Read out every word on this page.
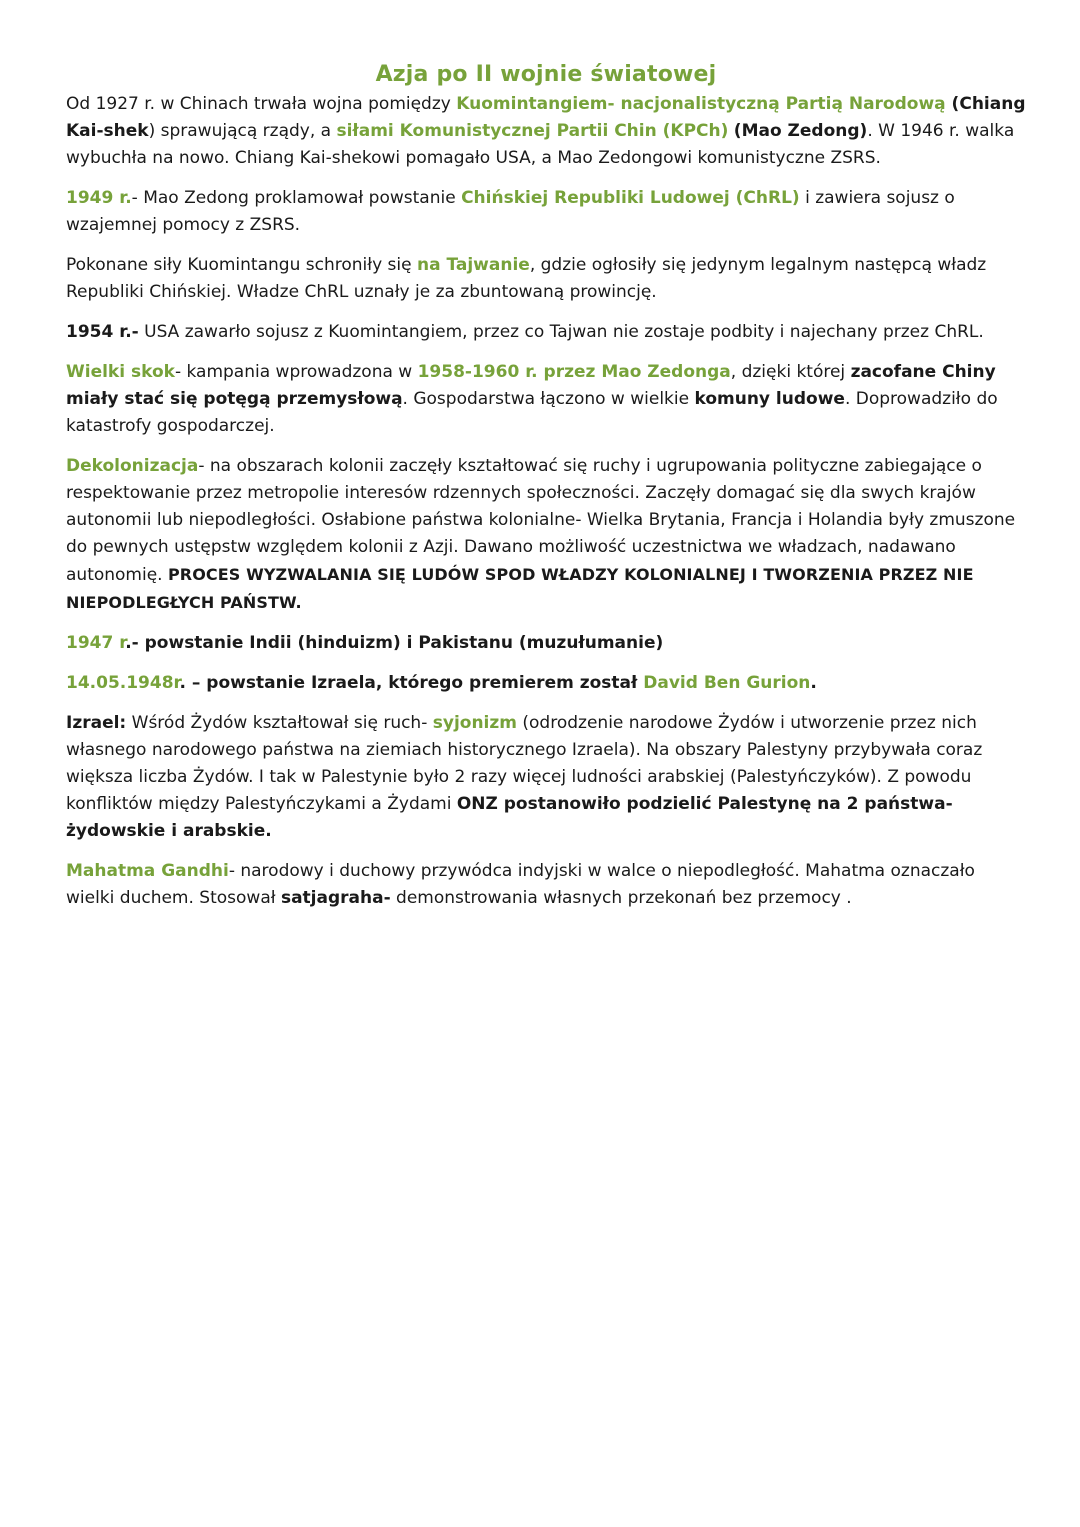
Azja po II wojnie światowej

Od 1927 r. w Chinach trwała wojna pomiędzy Kuomintangiem- nacjonalistyczną Partią Narodową (Chiang Kai-shek) sprawującą rządy, a siłami Komunistycznej Partii Chin (KPCh) (Mao Zedong). W 1946 r. walka wybuchła na nowo. Chiang Kai-shekowi pomagało USA, a Mao Zedongowi komunistyczne ZSRS.

1949 r.- Mao Zedong proklamował powstanie Chińskiej Republiki Ludowej (ChRL) i zawiera sojusz o wzajemnej pomocy z ZSRS.

Pokonane siły Kuomintangu schroniły się na Tajwanie, gdzie ogłosiły się jedynym legalnym następcą władz Republiki Chińskiej. Władze ChRL uznały je za zbuntowaną prowincję.

1954 r.- USA zawarło sojusz z Kuomintangiem, przez co Tajwan nie zostaje podbity i najechany przez ChRL.

Wielki skok- kampania wprowadzona w 1958-1960 r. przez Mao Zedonga, dzięki której zacofane Chiny miały stać się potęgą przemysłową. Gospodarstwa łączono w wielkie komuny ludowe. Doprowadziło do katastrofy gospodarczej.

Dekolonizacja- na obszarach kolonii zaczęły kształtować się ruchy i ugrupowania polityczne zabiegające o respektowanie przez metropolie interesów rdzennych społeczności. Zaczęły domagać się dla swych krajów autonomii lub niepodległości. Osłabione państwa kolonialne- Wielka Brytania, Francja i Holandia były zmuszone do pewnych ustępstw względem kolonii z Azji. Dawano możliwość uczestnictwa we władzach, nadawano autonomię. PROCES WYZWALANIA SIĘ LUDÓW SPOD WŁADZY KOLONIALNEJ I TWORZENIA PRZEZ NIE NIEPODLEGŁYCH PAŃSTW.

1947 r.- powstanie Indii (hinduizm) i Pakistanu (muzułumanie)

14.05.1948r. – powstanie Izraela, którego premierem został David Ben Gurion.

Izrael: Wśród Żydów kształtował się ruch- syjonizm (odrodzenie narodowe Żydów i utworzenie przez nich własnego narodowego państwa na ziemiach historycznego Izraela). Na obszary Palestyny przybywała coraz większa liczba Żydów. I tak w Palestynie było 2 razy więcej ludności arabskiej (Palestyńczyków). Z powodu konfliktów między Palestyńczykami a Żydami ONZ postanowiło podzielić Palestynę na 2 państwa- żydowskie i arabskie.

Mahatma Gandhi- narodowy i duchowy przywódca indyjski w walce o niepodległość. Mahatma oznaczało wielki duchem. Stosował satjagraha- demonstrowania własnych przekonań bez przemocy .
